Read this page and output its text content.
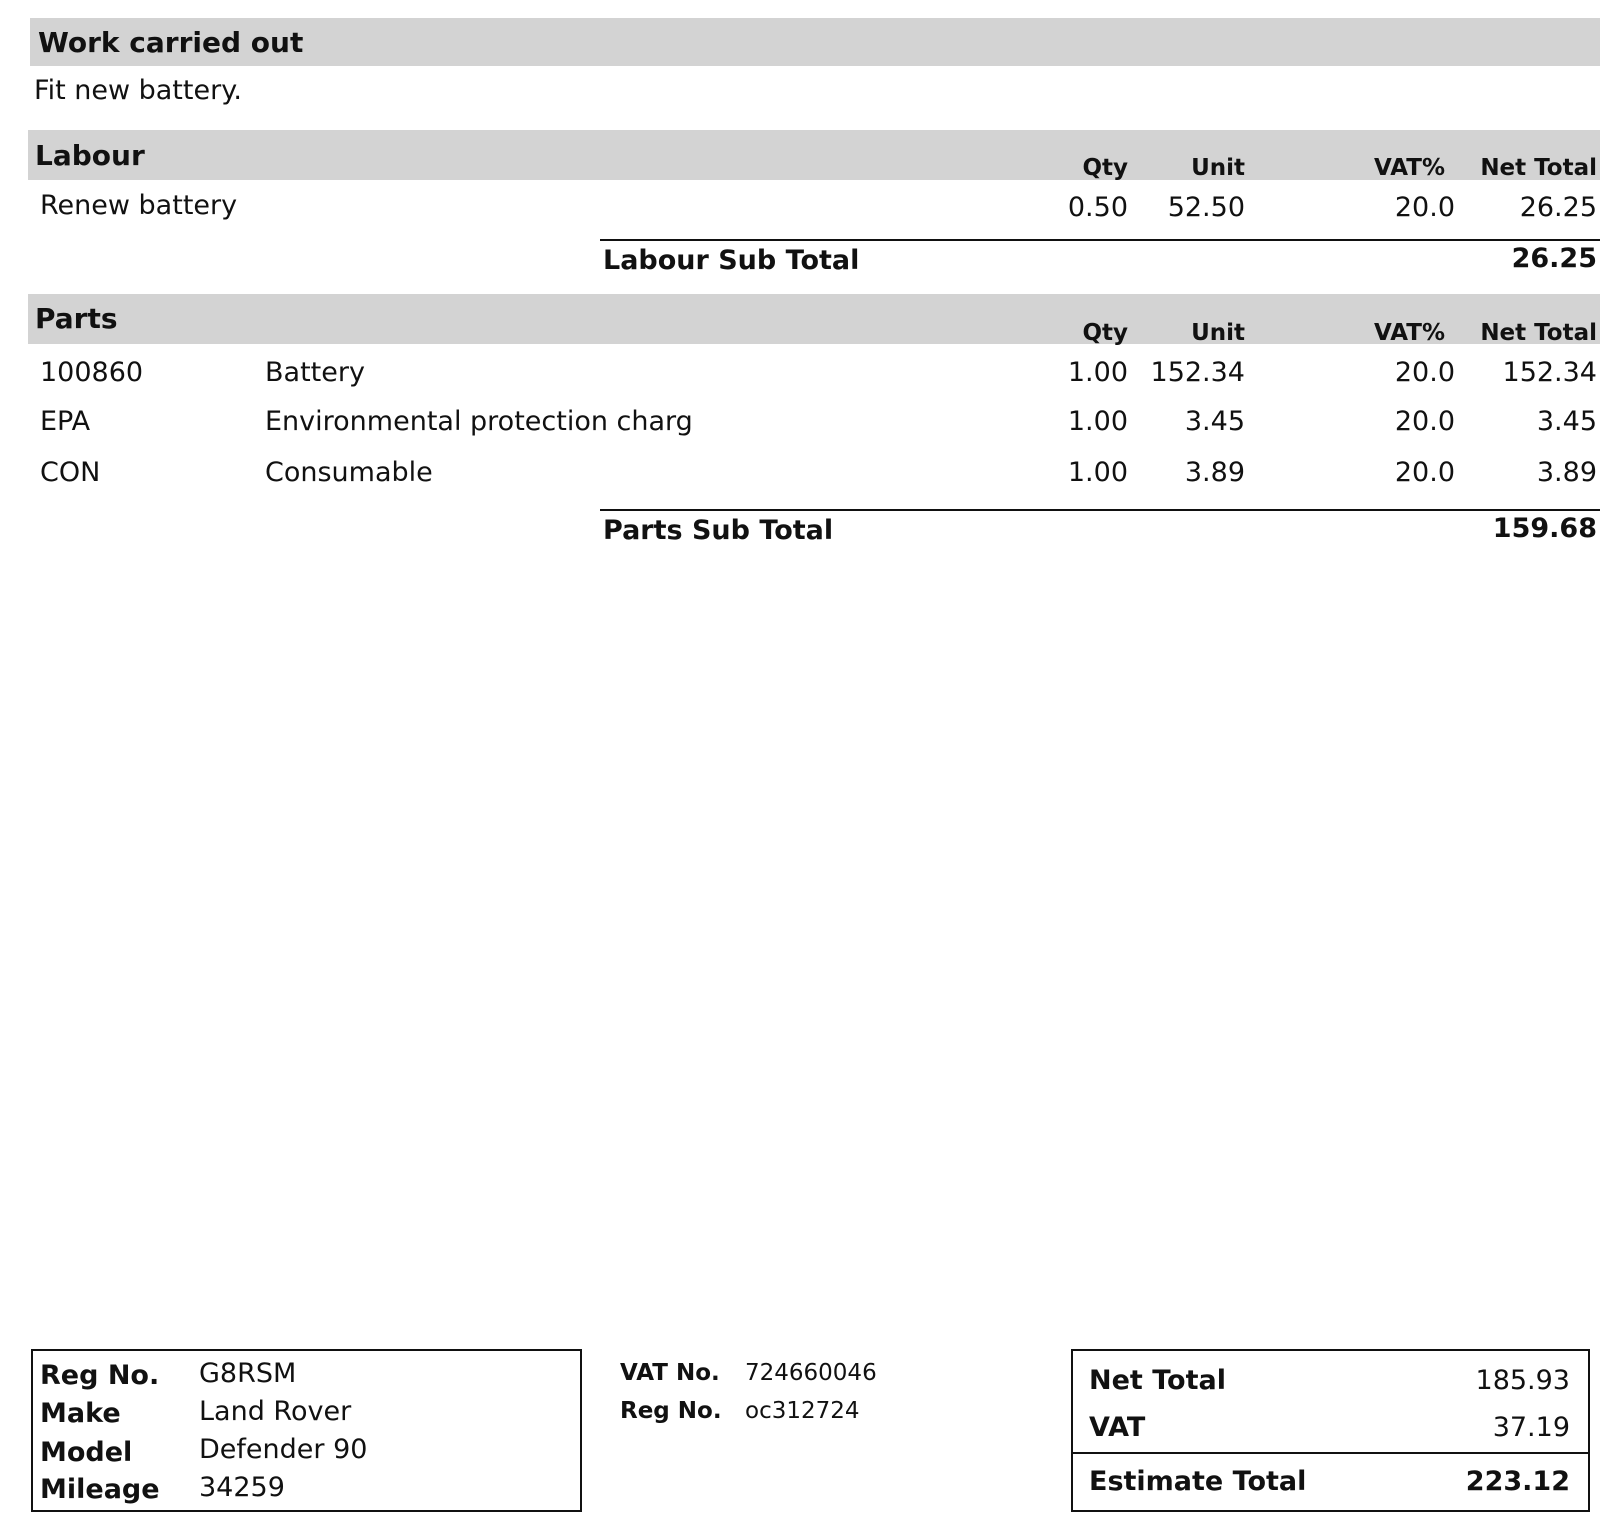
Work carried out
Fit new battery.
Labour	Qty	Unit	VAT%	Net Total
Renew battery	0.50	52.50	20.0	26.25
Labour Sub Total	26.25
Parts	Qty	Unit	VAT%	Net Total
100860	Battery	1.00 152.34	20.0	152.34
EPA	Environmental protection charg	1.00	3.45	20.0	3.45
CON	Consumable	1.00	3.89	20.0	3.89
Parts Sub Total	159.68
Reg No. G8RSM
Make	Land Rover
Model Defender 90
Mileage 34259
VAT No. 724660046
Reg No. oc312724
Net Total	185.93
VAT	37.19
Estimate Total	223.12
